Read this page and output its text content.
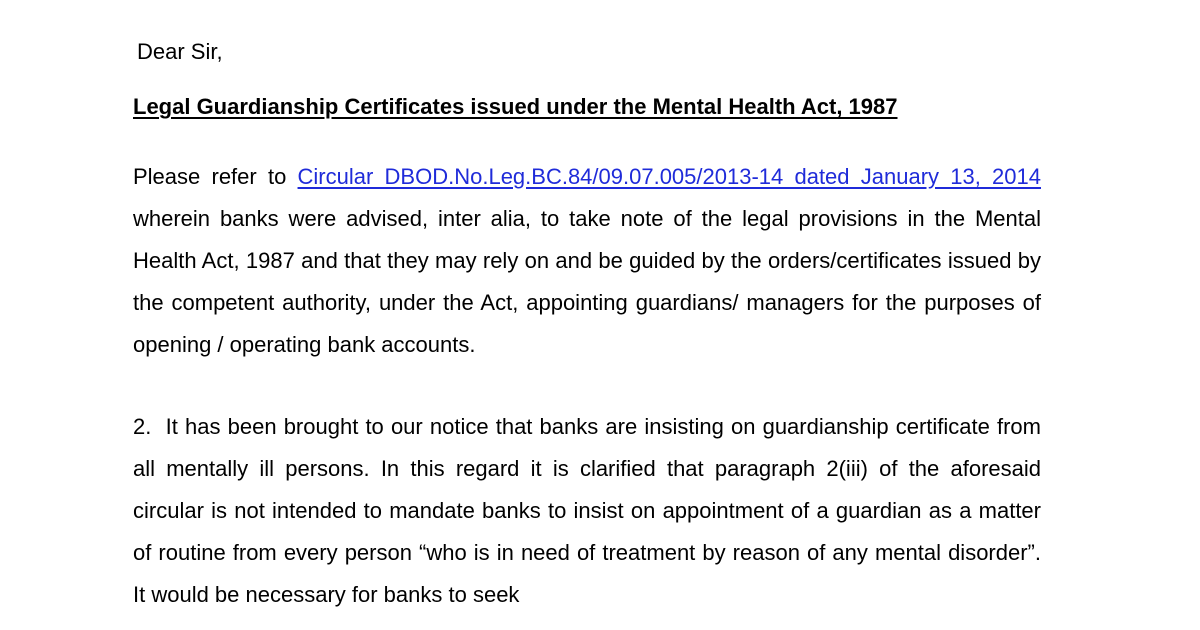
Dear Sir,
Legal Guardianship Certificates issued under the Mental Health Act, 1987

Please refer to Circular DBOD.No.Leg.BC.84/09.07.005/2013-14 dated January 13, 2014 wherein banks were advised, inter alia, to take note of the legal provisions in the Mental Health Act, 1987 and that they may rely on and be guided by the orders/certificates issued by the competent authority, under the Act, appointing guardians/ managers for the purposes of opening / operating bank accounts.

2.  It has been brought to our notice that banks are insisting on guardianship certificate from all mentally ill persons. In this regard it is clarified that paragraph 2(iii) of the aforesaid circular is not intended to mandate banks to insist on appointment of a guardian as a matter of routine from every person “who is in need of treatment by reason of any mental disorder”. It would be necessary for banks to seek
